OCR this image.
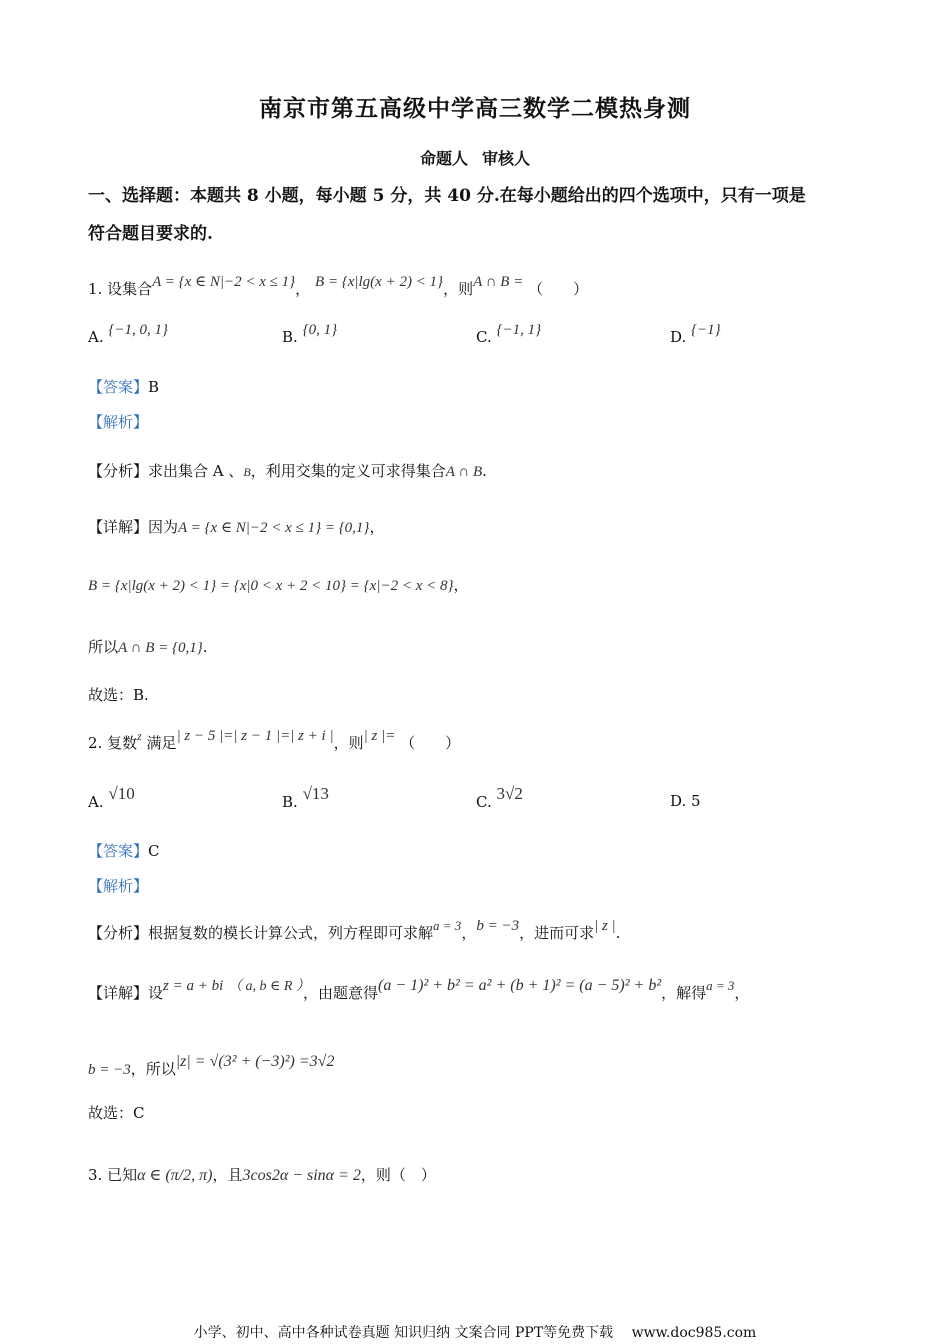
南京市第五高级中学高三数学二模热身测
命题人 审核人
一、选择题：本题共 8 小题，每小题 5 分，共 40 分.在每小题给出的四个选项中，只有一项是
符合题目要求的.
1. 设集合A = {x ∈ N|−2 < x ≤ 1}， B = {x|lg(x + 2) < 1}，则A ∩ B = （　　）
A. {−1, 0, 1}	B. {0, 1}	C. {−1, 1}	D. {−1}
【答案】B
【解析】
【分析】求出集合 A 、B，利用交集的定义可求得集合A ∩ B.
【详解】因为A = {x ∈ N|−2 < x ≤ 1} = {0,1}，
B = {x|lg(x + 2) < 1} = {x|0 < x + 2 < 10} = {x|−2 < x < 8}，
所以A ∩ B = {0,1}.
故选：B.
2. 复数$^z$ 满足| z − 5 |=| z − 1 |=| z + i |，则| z |= （　　）
A. √10	B. √13	C. 3√2	D. 5
【答案】C
【解析】
【分析】根据复数的模长计算公式，列方程即可求解a = 3，b = −3，进而可求| z |.
【详解】设z = a + bi （ a, b ∈ R ），由题意得(a − 1)² + b² = a² + (b + 1)² = (a − 5)² + b²，解得a = 3，
b = −3，所以|z| = √(3² + (−3)²) =3√2
故选：C
3. 已知α ∈ (π/2, π)，且3cos2α − sinα = 2，则（　）
小学、初中、高中各种试卷真题 知识归纳 文案合同 PPT等免费下载　 www.doc985.com
